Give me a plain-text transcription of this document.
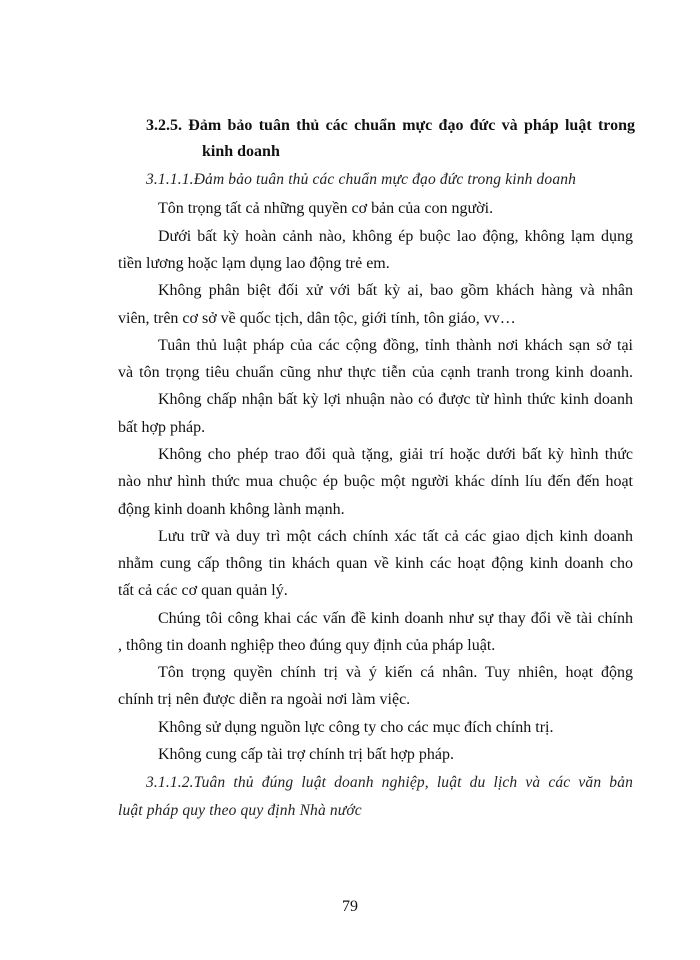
3.2.5. Đảm bảo tuân thủ các chuẩn mực đạo đức và pháp luật trong
kinh doanh
3.1.1.1.Đảm bảo tuân thủ các chuẩn mực đạo đức trong kinh doanh
Tôn trọng tất cả những quyền cơ bản của con người.
Dưới bất kỳ hoàn cảnh nào, không ép buộc lao động, không lạm dụng
tiền lương hoặc lạm dụng lao động trẻ em.
Không phân biệt đối xử với bất kỳ ai, bao gồm khách hàng và nhân
viên, trên cơ sở về quốc tịch, dân tộc, giới tính, tôn giáo, vv…
Tuân thủ luật pháp của các cộng đồng, tỉnh thành nơi khách sạn sở tại
và tôn trọng tiêu chuẩn cũng như thực tiễn của cạnh tranh trong kinh doanh.
Không chấp nhận bất kỳ lợi nhuận nào có được từ hình thức kinh doanh
bất hợp pháp.
Không cho phép trao đổi quà tặng, giải trí hoặc dưới bất kỳ hình thức
nào như hình thức mua chuộc ép buộc một người khác dính líu đến đến hoạt
động kinh doanh không lành mạnh.
Lưu trữ và duy trì một cách chính xác tất cả các giao dịch kinh doanh
nhằm cung cấp thông tin khách quan về kinh các hoạt động kinh doanh cho
tất cả các cơ quan quản lý.
Chúng tôi công khai các vấn đề kinh doanh như sự thay đổi về tài chính
, thông tin doanh nghiệp theo đúng quy định của pháp luật.
Tôn trọng quyền chính trị và ý kiến cá nhân. Tuy nhiên, hoạt động
chính trị nên được diễn ra ngoài nơi làm việc.
Không sử dụng nguồn lực công ty cho các mục đích chính trị.
Không cung cấp tài trợ chính trị bất hợp pháp.
3.1.1.2.Tuân thủ đúng luật doanh nghiệp, luật du lịch và các văn bản
luật pháp quy theo quy định Nhà nước
79
